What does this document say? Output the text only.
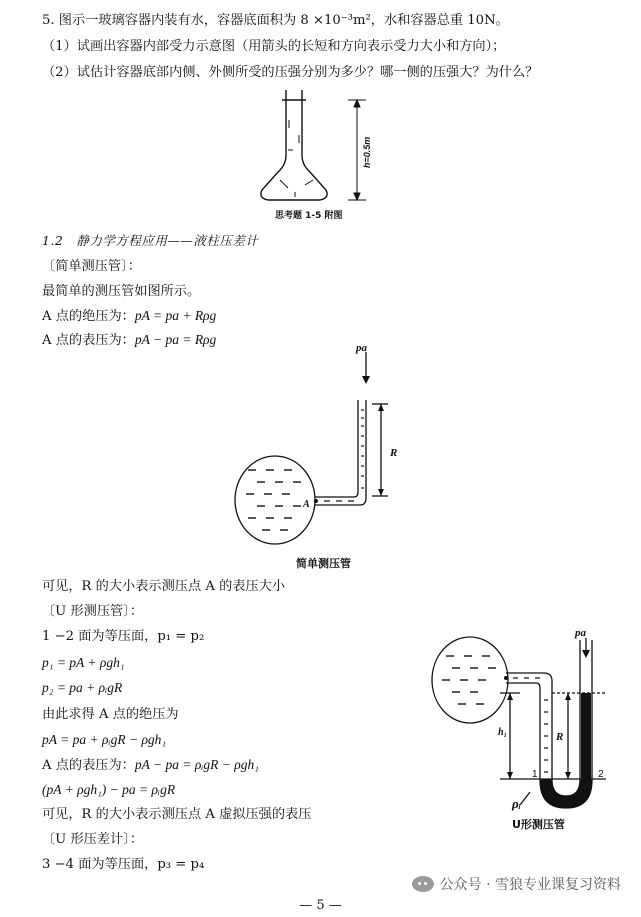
5. 图示一玻璃容器内装有水，容器底面积为 8 ×10⁻³m²，水和容器总重 10N。
（1）试画出容器内部受力示意图（用箭头的长短和方向表示受力大小和方向）；
（2）试估计容器底部内侧、外侧所受的压强分别为多少？哪一侧的压强大？为什么？
h=0.5m
思考题 1-5 附图
1.2　静力学方程应用——液柱压差计
〔简单测压管〕：
最简单的测压管如图所示。
A 点的绝压为：pA = pa + Rρg
A 点的表压为：pA − pa = Rρg
pa
R
A
简单测压管
可见，R 的大小表示测压点 A 的表压大小
〔U 形测压管〕：
1 −2 面为等压面，p₁ = p₂
p₁ = pA + ρgh₁
p₂ = pa + ρᵢgR
由此求得 A 点的绝压为
pA = pa + ρᵢgR − ρgh₁
A 点的表压为：pA − pa = ρᵢgR − ρgh₁
(pA + ρgh₁) − pa = ρᵢgR
可见，R 的大小表示测压点 A 虚拟压强的表压
〔U 形压差计〕：
3 −4 面为等压面，p₃ = p₄
pa
R
h₁
1	2
ρᵢ
U形测压管
公众号 · 雪狼专业课复习资料
— 5 —
